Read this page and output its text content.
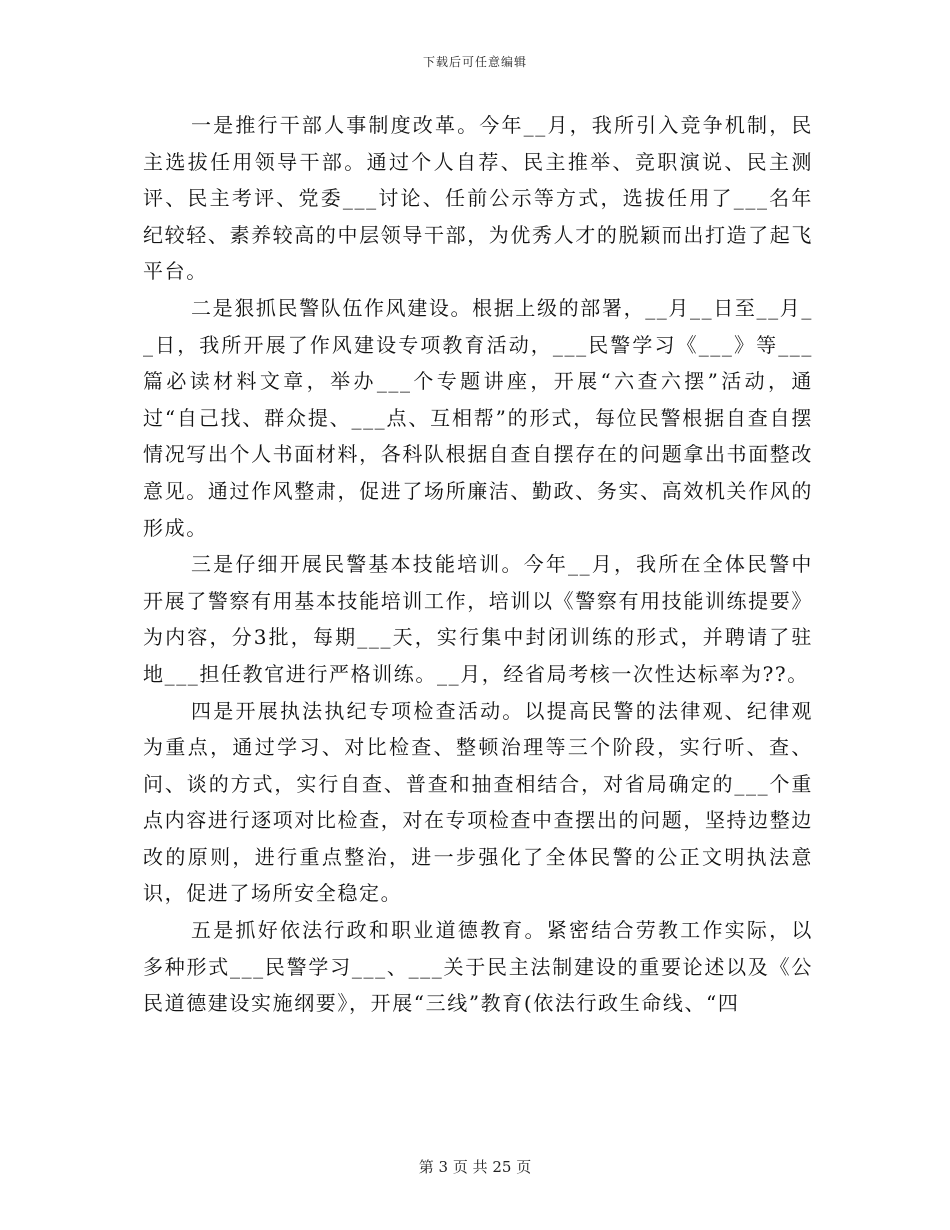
下载后可任意编辑

一是推行干部人事制度改革。今年__月，我所引入竞争机制，民主选拔任用领导干部。通过个人自荐、民主推举、竞职演说、民主测评、民主考评、党委___讨论、任前公示等方式，选拔任用了___名年纪较轻、素养较高的中层领导干部，为优秀人才的脱颖而出打造了起飞平台。

二是狠抓民警队伍作风建设。根据上级的部署，__月__日至__月__日，我所开展了作风建设专项教育活动，___民警学习《___》等___篇必读材料文章，举办___个专题讲座，开展“六查六摆”活动，通过“自己找、群众提、___点、互相帮”的形式，每位民警根据自查自摆情况写出个人书面材料，各科队根据自查自摆存在的问题拿出书面整改意见。通过作风整肃，促进了场所廉洁、勤政、务实、高效机关作风的形成。

三是仔细开展民警基本技能培训。今年__月，我所在全体民警中开展了警察有用基本技能培训工作，培训以《警察有用技能训练提要》为内容，分3批，每期___天，实行集中封闭训练的形式，并聘请了驻地___担任教官进行严格训练。__月，经省局考核一次性达标率为??。

四是开展执法执纪专项检查活动。以提高民警的法律观、纪律观为重点，通过学习、对比检查、整顿治理等三个阶段，实行听、查、问、谈的方式，实行自查、普查和抽查相结合，对省局确定的___个重点内容进行逐项对比检查，对在专项检查中查摆出的问题，坚持边整边改的原则，进行重点整治，进一步强化了全体民警的公正文明执法意识，促进了场所安全稳定。

五是抓好依法行政和职业道德教育。紧密结合劳教工作实际，以多种形式___民警学习___、___关于民主法制建设的重要论述以及《公民道德建设实施纲要》，开展“三线”教育(依法行政生命线、“四

第 3 页 共 25 页
